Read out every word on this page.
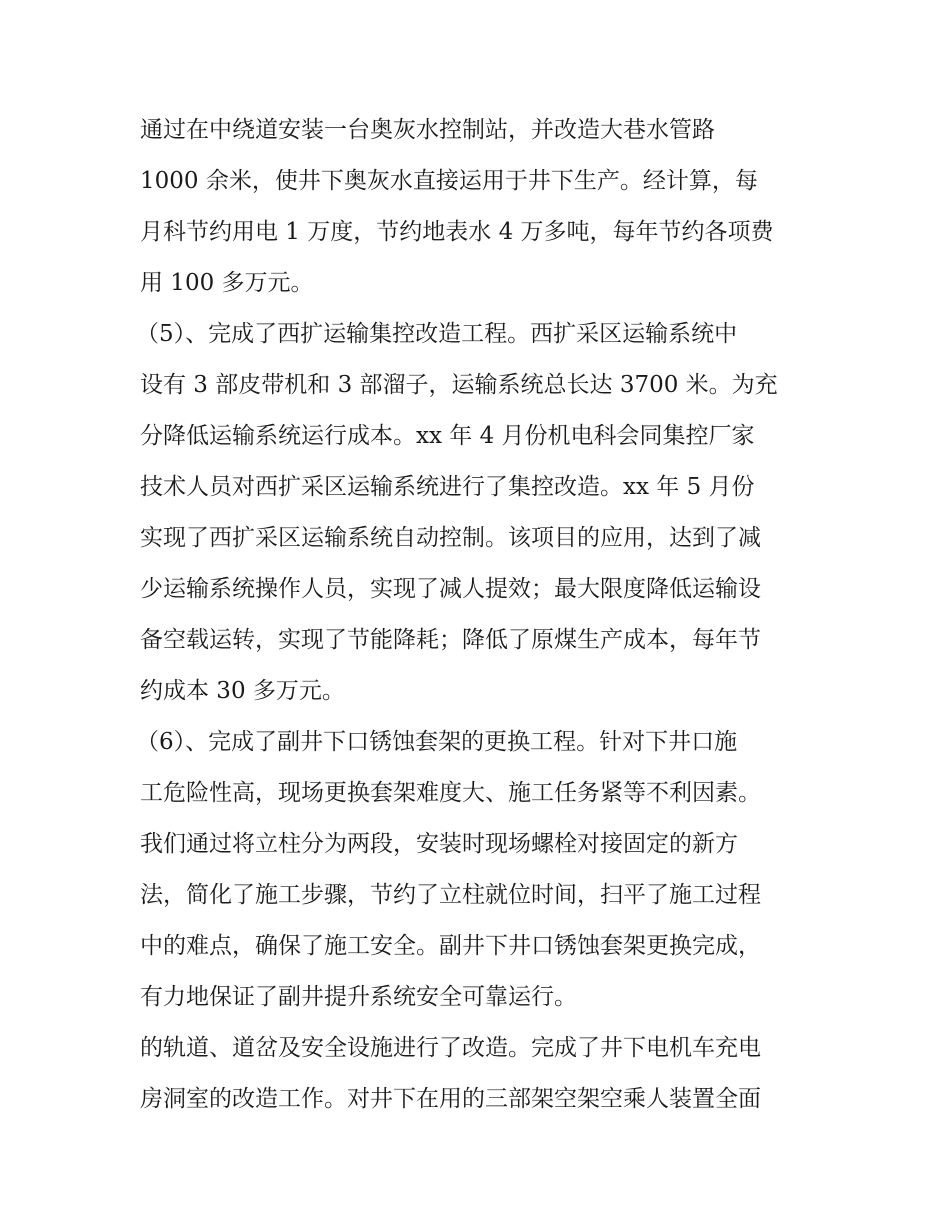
通过在中绕道安装一台奥灰水控制站，并改造大巷水管路
1000 余米，使井下奥灰水直接运用于井下生产。经计算，每
月科节约用电 1 万度，节约地表水 4 万多吨，每年节约各项费
用 100 多万元。
（5）、完成了西扩运输集控改造工程。西扩采区运输系统中
设有 3 部皮带机和 3 部溜子，运输系统总长达 3700 米。为充
分降低运输系统运行成本。xx 年 4 月份机电科会同集控厂家
技术人员对西扩采区运输系统进行了集控改造。xx 年 5 月份
实现了西扩采区运输系统自动控制。该项目的应用，达到了减
少运输系统操作人员，实现了减人提效；最大限度降低运输设
备空载运转，实现了节能降耗；降低了原煤生产成本，每年节
约成本 30 多万元。
（6）、完成了副井下口锈蚀套架的更换工程。针对下井口施
工危险性高，现场更换套架难度大、施工任务紧等不利因素。
我们通过将立柱分为两段，安装时现场螺栓对接固定的新方
法，简化了施工步骤，节约了立柱就位时间，扫平了施工过程
中的难点，确保了施工安全。副井下井口锈蚀套架更换完成，
有力地保证了副井提升系统安全可靠运行。
的轨道、道岔及安全设施进行了改造。完成了井下电机车充电
房洞室的改造工作。对井下在用的三部架空架空乘人装置全面
